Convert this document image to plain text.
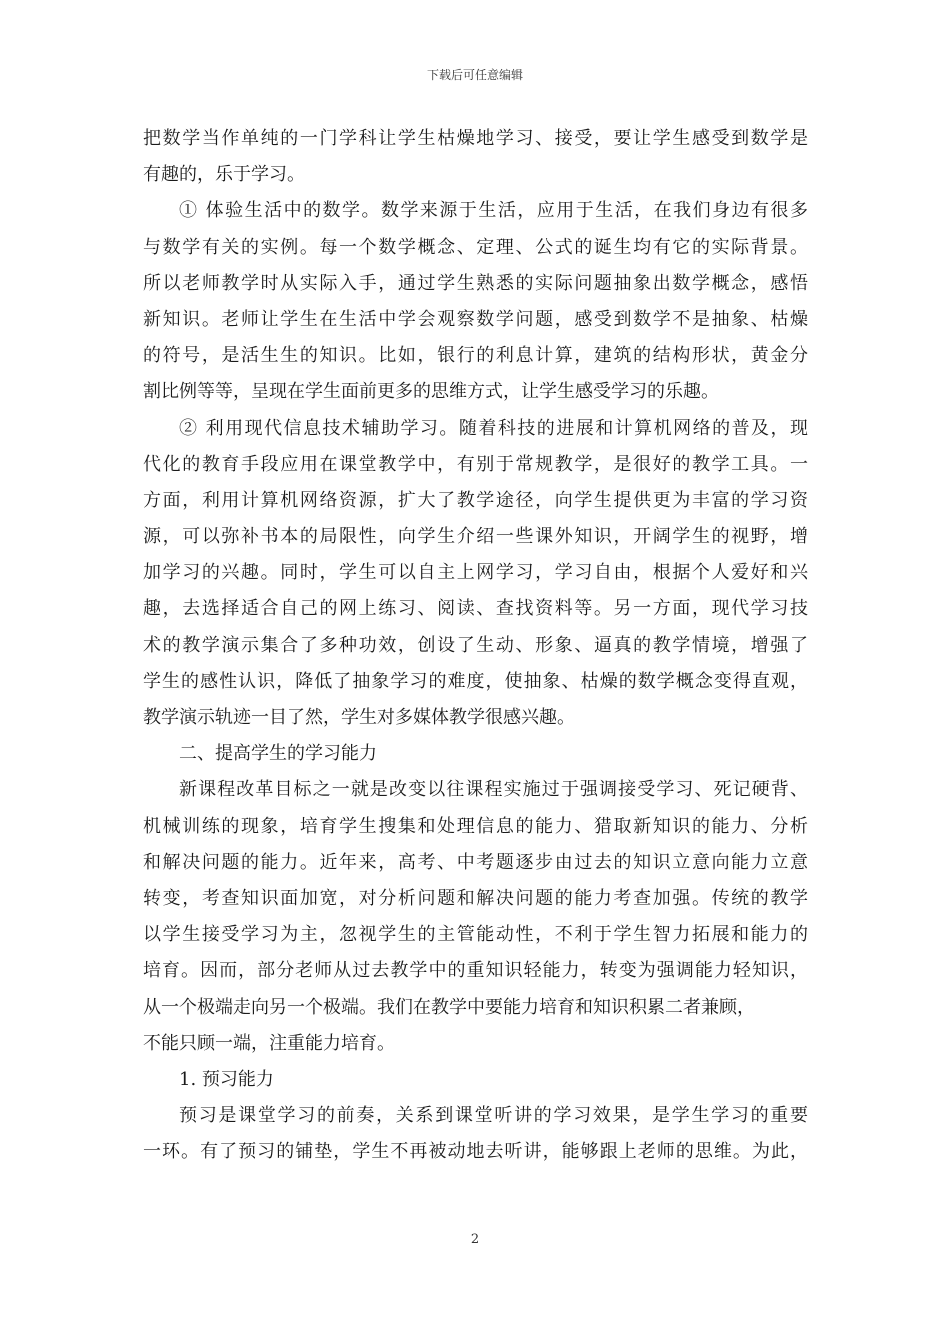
下载后可任意编辑
把数学当作单纯的一门学科让学生枯燥地学习、接受，要让学生感受到数学是
有趣的，乐于学习。
① 体验生活中的数学。数学来源于生活，应用于生活，在我们身边有很多
与数学有关的实例。每一个数学概念、定理、公式的诞生均有它的实际背景。
所以老师教学时从实际入手，通过学生熟悉的实际问题抽象出数学概念，感悟
新知识。老师让学生在生活中学会观察数学问题，感受到数学不是抽象、枯燥
的符号，是活生生的知识。比如，银行的利息计算，建筑的结构形状，黄金分
割比例等等，呈现在学生面前更多的思维方式，让学生感受学习的乐趣。
② 利用现代信息技术辅助学习。随着科技的进展和计算机网络的普及，现
代化的教育手段应用在课堂教学中，有别于常规教学，是很好的教学工具。一
方面，利用计算机网络资源，扩大了教学途径，向学生提供更为丰富的学习资
源，可以弥补书本的局限性，向学生介绍一些课外知识，开阔学生的视野，增
加学习的兴趣。同时，学生可以自主上网学习，学习自由，根据个人爱好和兴
趣，去选择适合自己的网上练习、阅读、查找资料等。另一方面，现代学习技
术的教学演示集合了多种功效，创设了生动、形象、逼真的教学情境，增强了
学生的感性认识，降低了抽象学习的难度，使抽象、枯燥的数学概念变得直观，
教学演示轨迹一目了然，学生对多媒体教学很感兴趣。
二、提高学生的学习能力
新课程改革目标之一就是改变以往课程实施过于强调接受学习、死记硬背、
机械训练的现象，培育学生搜集和处理信息的能力、猎取新知识的能力、分析
和解决问题的能力。近年来，高考、中考题逐步由过去的知识立意向能力立意
转变，考查知识面加宽，对分析问题和解决问题的能力考查加强。传统的教学
以学生接受学习为主，忽视学生的主管能动性，不利于学生智力拓展和能力的
培育。因而，部分老师从过去教学中的重知识轻能力，转变为强调能力轻知识，
从一个极端走向另一个极端。我们在教学中要能力培育和知识积累二者兼顾，
不能只顾一端，注重能力培育。
1. 预习能力
预习是课堂学习的前奏，关系到课堂听讲的学习效果，是学生学习的重要
一环。有了预习的铺垫，学生不再被动地去听讲，能够跟上老师的思维。为此，
2
